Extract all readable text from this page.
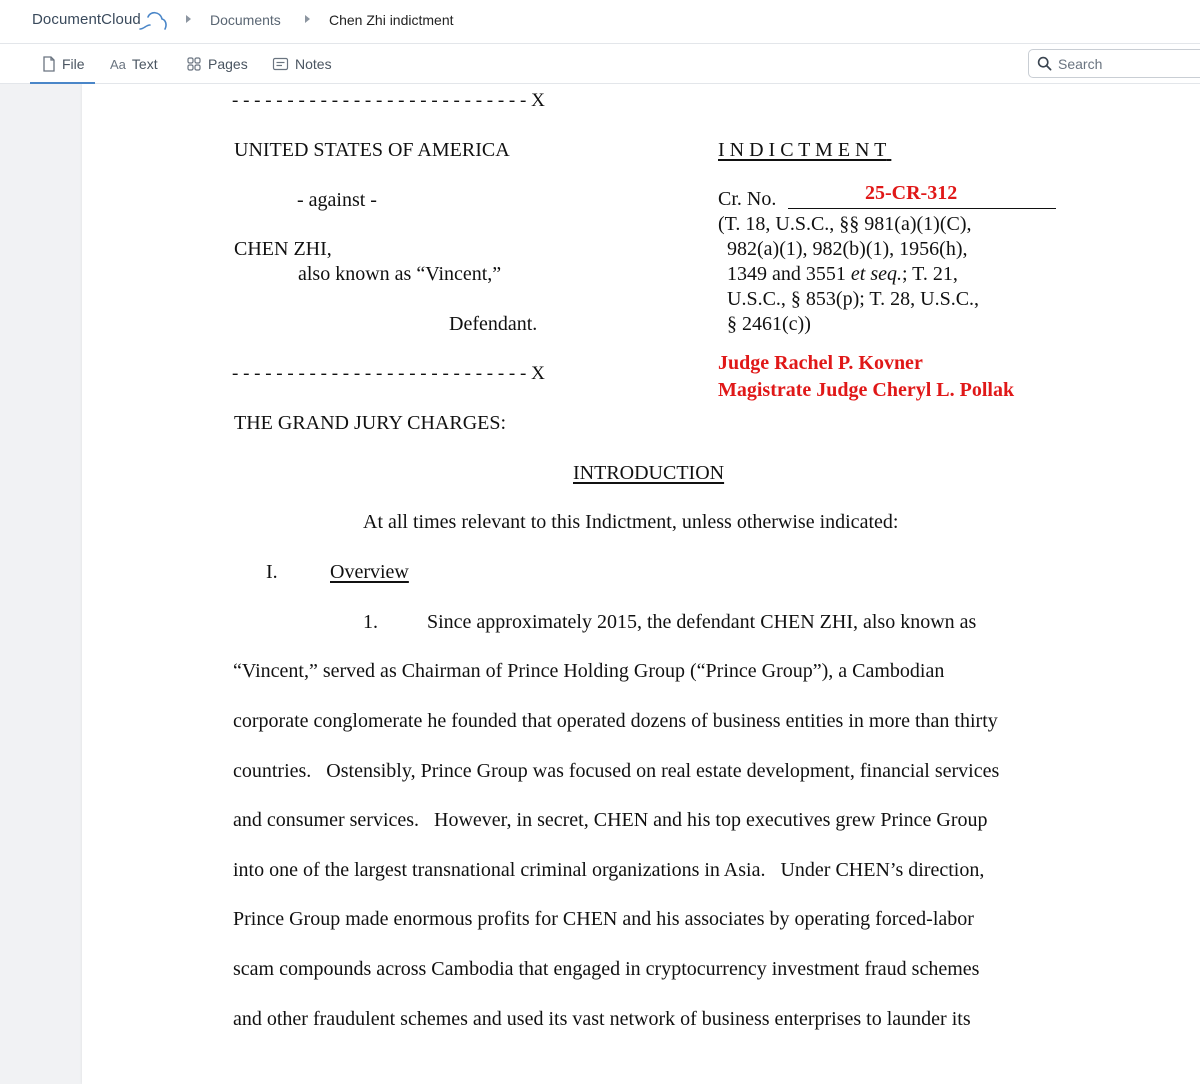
DocumentCloud	Documents	Chen Zhi indictment
File Aa Text	Pages	Notes
Search
- - - - - - - - - - - - - - - - - - - - - - - - - - - X
UNITED STATES OF AMERICA
- against -
CHEN ZHI,
also known as “Vincent,”
Defendant.
- - - - - - - - - - - - - - - - - - - - - - - - - - - X
I N D I C T M E N T
Cr. No.	25-CR-312
(T. 18, U.S.C., §§ 981(a)(1)(C),
982(a)(1), 982(b)(1), 1956(h),
1349 and 3551 et seq.; T. 21,
U.S.C., § 853(p); T. 28, U.S.C.,
§ 2461(c))
Judge Rachel P. Kovner
Magistrate Judge Cheryl L. Pollak
THE GRAND JURY CHARGES:
INTRODUCTION
At all times relevant to this Indictment, unless otherwise indicated:
I.	Overview
1. Since approximately 2015, the defendant CHEN ZHI, also known as
“Vincent,” served as Chairman of Prince Holding Group (“Prince Group”), a Cambodian
corporate conglomerate he founded that operated dozens of business entities in more than thirty
countries.   Ostensibly, Prince Group was focused on real estate development, financial services
and consumer services.   However, in secret, CHEN and his top executives grew Prince Group
into one of the largest transnational criminal organizations in Asia.   Under CHEN’s direction,
Prince Group made enormous profits for CHEN and his associates by operating forced-labor
scam compounds across Cambodia that engaged in cryptocurrency investment fraud schemes
and other fraudulent schemes and used its vast network of business enterprises to launder its
